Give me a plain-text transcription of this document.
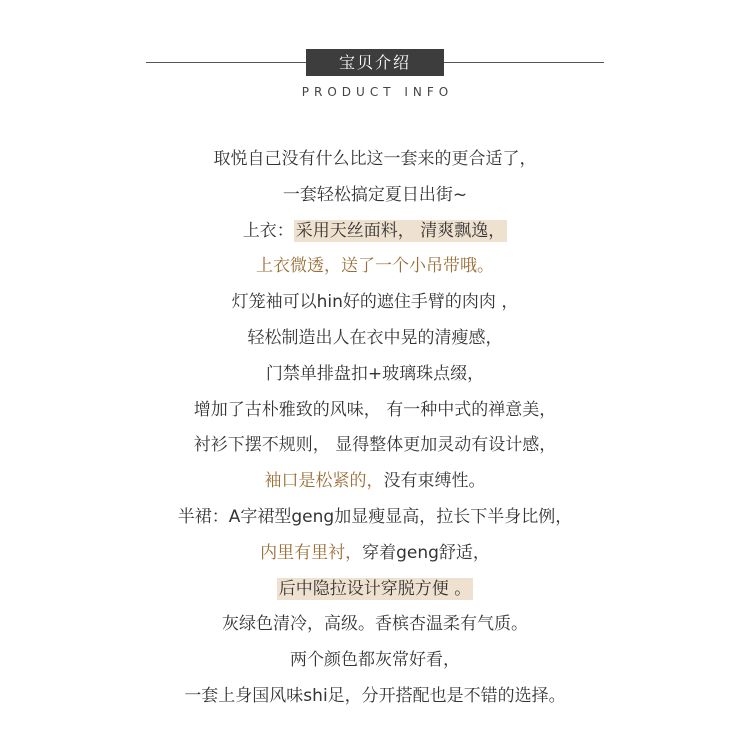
宝贝介绍
PRODUCT INFO
取悦自己没有什么比这一套来的更合适了，
一套轻松搞定夏日出街~
上衣： 采用天丝面料， 清爽飘逸，
上衣微透，送了一个小吊带哦。
灯笼袖可以hin好的遮住手臂的肉肉 ，
轻松制造出人在衣中晃的清瘦感，
门禁单排盘扣+玻璃珠点缀，
增加了古朴雅致的风味， 有一种中式的禅意美，
衬衫下摆不规则， 显得整体更加灵动有设计感，
袖口是松紧的，没有束缚性。
半裙：A字裙型geng加显瘦显高，拉长下半身比例，
内里有里衬，穿着geng舒适，
后中隐拉设计穿脱方便 。
灰绿色清冷，高级。香槟杏温柔有气质。
两个颜色都灰常好看，
一套上身国风味shi足，分开搭配也是不错的选择。
